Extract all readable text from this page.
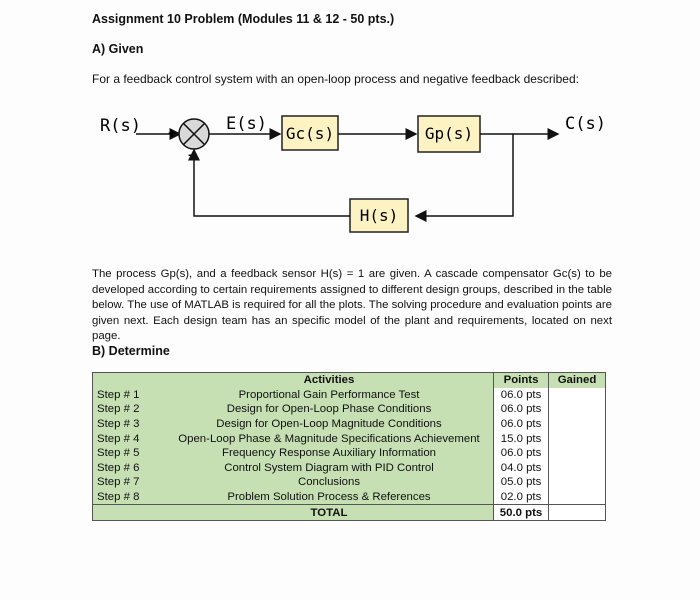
Assignment 10 Problem (Modules 11 & 12 - 50 pts.)
A) Given
For a feedback control system with an open-loop process and negative feedback described:
R(s) +
−
E(s) Gc(s)	Gp(s)	C(s)
H(s)
The process Gp(s), and a feedback sensor H(s) = 1 are given. A cascade compensator Gc(s) to be developed according to certain requirements assigned to different design groups, described in the table below. The use of MATLAB is required for all the plots. The solving procedure and evaluation points are given next. Each design team has an specific model of the plant and requirements, located on next page.
B) Determine
	Activities	Points	Gained
Step # 1	Proportional Gain Performance Test	06.0 pts	
Step # 2	Design for Open-Loop Phase Conditions	06.0 pts	
Step # 3	Design for Open-Loop Magnitude Conditions	06.0 pts	
Step # 4	Open-Loop Phase & Magnitude Specifications Achievement	15.0 pts	
Step # 5	Frequency Response Auxiliary Information	06.0 pts	
Step # 6	Control System Diagram with PID Control	04.0 pts	
Step # 7	Conclusions	05.0 pts	
Step # 8	Problem Solution Process & References	02.0 pts	
	TOTAL	50.0 pts	
